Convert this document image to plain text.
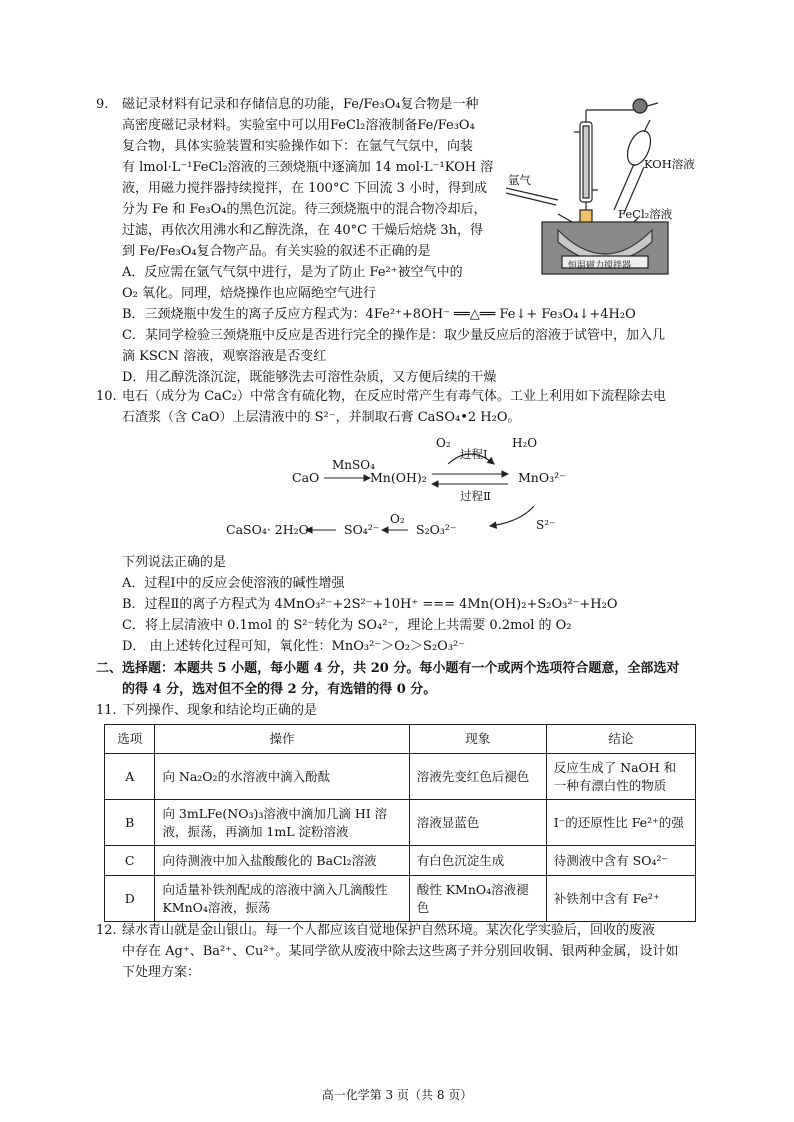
9. 磁记录材料有记录和存储信息的功能，Fe/Fe₃O₄复合物是一种
高密度磁记录材料。实验室中可以用FeCl₂溶液制备Fe/Fe₃O₄
复合物，具体实验装置和实验操作如下：在氩气气氛中，向装
有 lmol·L⁻¹FeCl₂溶液的三颈烧瓶中逐滴加 14 mol·L⁻¹KOH 溶
液，用磁力搅拌器持续搅拌，在 100°C 下回流 3 小时，得到成
分为 Fe 和 Fe₃O₄的黑色沉淀。待三颈烧瓶中的混合物冷却后，
过滤，再依次用沸水和乙醇洗涤，在 40°C 干燥后焙烧 3h，得
到 Fe/Fe₃O₄复合物产品。有关实验的叙述不正确的是
A．反应需在氩气气氛中进行，是为了防止 Fe²⁺被空气中的
O₂ 氧化。同理，焙烧操作也应隔绝空气进行
B．三颈烧瓶中发生的离子反应方程式为：4Fe²⁺+8OH⁻ ══△══ Fe↓+ Fe₃O₄↓+4H₂O
C．某同学检验三颈烧瓶中反应是否进行完全的操作是：取少量反应后的溶液于试管中，加入几
滴 KSCN 溶液，观察溶液是否变红
D．用乙醇洗涤沉淀，既能够洗去可溶性杂质，又方便后续的干燥
KOH溶液
氩气
FeCl₂溶液
恒温磁力搅拌器
10. 电石（成分为 CaC₂）中常含有硫化物，在反应时常产生有毒气体。工业上利用如下流程除去电
石渣浆（含 CaO）上层清液中的 S²⁻，并制取石膏 CaSO₄•2 H₂O。
CaO
MnSO₄
Mn(OH)₂	MnO₃²⁻
O₂	H₂O
过程Ⅰ
过程Ⅱ
S²⁻
S₂O₃²⁻
O₂
SO₄²⁻
CaSO₄· 2H₂O
下列说法正确的是
A．过程Ⅰ中的反应会使溶液的碱性增强
B．过程Ⅱ的离子方程式为 4MnO₃²⁻+2S²⁻+10H⁺ === 4Mn(OH)₂+S₂O₃²⁻+H₂O
C．将上层清液中 0.1mol 的 S²⁻转化为 SO₄²⁻，理论上共需要 0.2mol 的 O₂
D． 由上述转化过程可知，氧化性：MnO₃²⁻＞O₂＞S₂O₃²⁻
二、选择题：本题共 5 小题，每小题 4 分，共 20 分。每小题有一个或两个选项符合题意，全部选对
的得 4 分，选对但不全的得 2 分，有选错的得 0 分。
11. 下列操作、现象和结论均正确的是
选项	操作	现象	结论
A	向 Na₂O₂的水溶液中滴入酚酞	溶液先变红色后褪色	反应生成了 NaOH 和一种有漂白性的物质
B	向 3mLFe(NO₃)₃溶液中滴加几滴 HI 溶液，振荡，再滴加 1mL 淀粉溶液	溶液显蓝色	I⁻的还原性比 Fe²⁺的强
C	向待测液中加入盐酸酸化的 BaCl₂溶液	有白色沉淀生成	待测液中含有 SO₄²⁻
D	向适量补铁剂配成的溶液中滴入几滴酸性 KMnO₄溶液，振荡	酸性 KMnO₄溶液褪色	补铁剂中含有 Fe²⁺
12. 绿水青山就是金山银山。每一个人都应该自觉地保护自然环境。某次化学实验后，回收的废液
中存在 Ag⁺、Ba²⁺、Cu²⁺。某同学欲从废液中除去这些离子并分别回收铜、银两种金属，设计如
下处理方案：
高一化学第 3 页（共 8 页）
